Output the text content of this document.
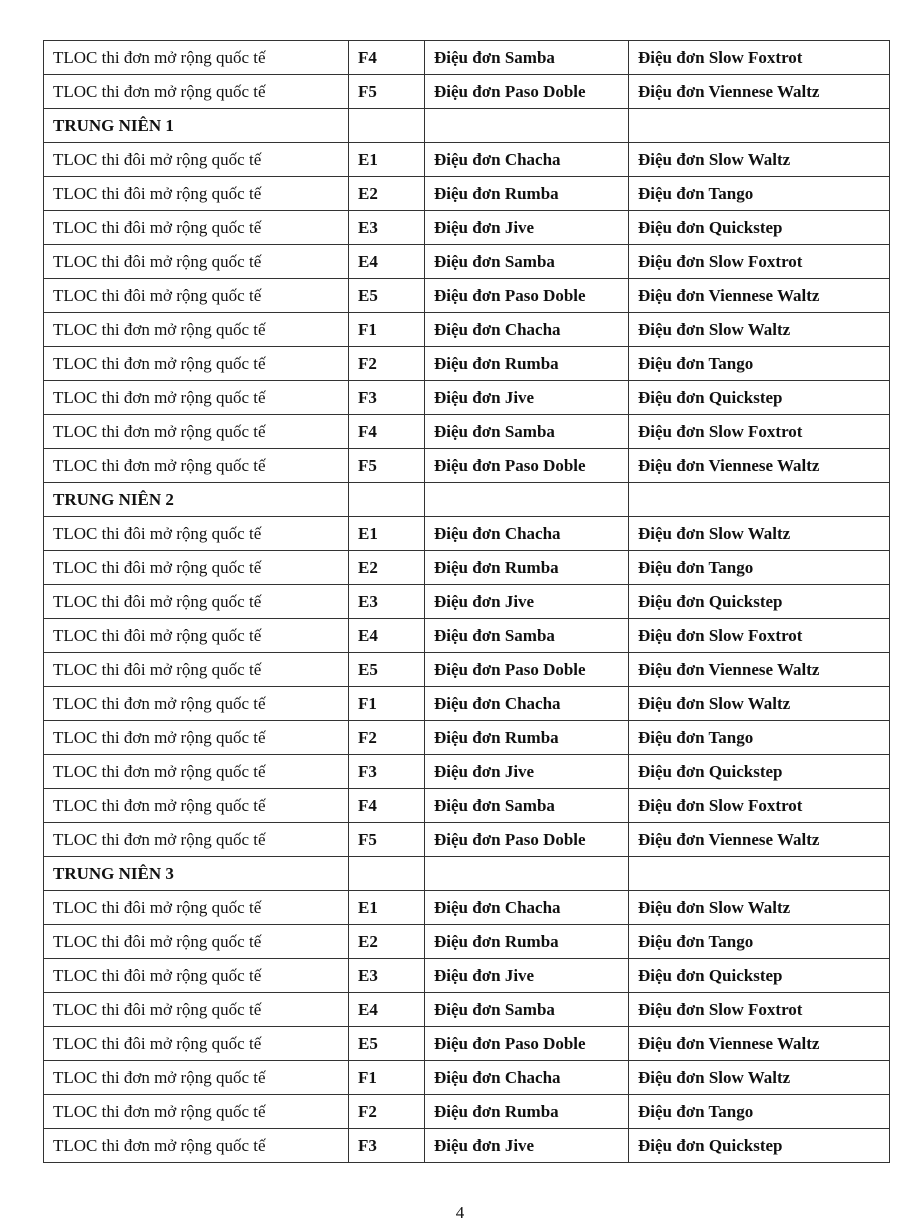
TLOC thi đơn mở rộng quốc tế	F4	Điệu đơn Samba	Điệu đơn Slow Foxtrot
TLOC thi đơn mở rộng quốc tế	F5	Điệu đơn Paso Doble	Điệu đơn Viennese Waltz
TRUNG NIÊN 1			
TLOC thi đôi mở rộng quốc tế	E1	Điệu đơn Chacha	Điệu đơn Slow Waltz
TLOC thi đôi mở rộng quốc tế	E2	Điệu đơn Rumba	Điệu đơn Tango
TLOC thi đôi mở rộng quốc tế	E3	Điệu đơn Jive	Điệu đơn Quickstep
TLOC thi đôi mở rộng quốc tế	E4	Điệu đơn Samba	Điệu đơn Slow Foxtrot
TLOC thi đôi mở rộng quốc tế	E5	Điệu đơn Paso Doble	Điệu đơn Viennese Waltz
TLOC thi đơn mở rộng quốc tế	F1	Điệu đơn Chacha	Điệu đơn Slow Waltz
TLOC thi đơn mở rộng quốc tế	F2	Điệu đơn Rumba	Điệu đơn Tango
TLOC thi đơn mở rộng quốc tế	F3	Điệu đơn Jive	Điệu đơn Quickstep
TLOC thi đơn mở rộng quốc tế	F4	Điệu đơn Samba	Điệu đơn Slow Foxtrot
TLOC thi đơn mở rộng quốc tế	F5	Điệu đơn Paso Doble	Điệu đơn Viennese Waltz
TRUNG NIÊN 2			
TLOC thi đôi mở rộng quốc tế	E1	Điệu đơn Chacha	Điệu đơn Slow Waltz
TLOC thi đôi mở rộng quốc tế	E2	Điệu đơn Rumba	Điệu đơn Tango
TLOC thi đôi mở rộng quốc tế	E3	Điệu đơn Jive	Điệu đơn Quickstep
TLOC thi đôi mở rộng quốc tế	E4	Điệu đơn Samba	Điệu đơn Slow Foxtrot
TLOC thi đôi mở rộng quốc tế	E5	Điệu đơn Paso Doble	Điệu đơn Viennese Waltz
TLOC thi đơn mở rộng quốc tế	F1	Điệu đơn Chacha	Điệu đơn Slow Waltz
TLOC thi đơn mở rộng quốc tế	F2	Điệu đơn Rumba	Điệu đơn Tango
TLOC thi đơn mở rộng quốc tế	F3	Điệu đơn Jive	Điệu đơn Quickstep
TLOC thi đơn mở rộng quốc tế	F4	Điệu đơn Samba	Điệu đơn Slow Foxtrot
TLOC thi đơn mở rộng quốc tế	F5	Điệu đơn Paso Doble	Điệu đơn Viennese Waltz
TRUNG NIÊN 3			
TLOC thi đôi mở rộng quốc tế	E1	Điệu đơn Chacha	Điệu đơn Slow Waltz
TLOC thi đôi mở rộng quốc tế	E2	Điệu đơn Rumba	Điệu đơn Tango
TLOC thi đôi mở rộng quốc tế	E3	Điệu đơn Jive	Điệu đơn Quickstep
TLOC thi đôi mở rộng quốc tế	E4	Điệu đơn Samba	Điệu đơn Slow Foxtrot
TLOC thi đôi mở rộng quốc tế	E5	Điệu đơn Paso Doble	Điệu đơn Viennese Waltz
TLOC thi đơn mở rộng quốc tế	F1	Điệu đơn Chacha	Điệu đơn Slow Waltz
TLOC thi đơn mở rộng quốc tế	F2	Điệu đơn Rumba	Điệu đơn Tango
TLOC thi đơn mở rộng quốc tế	F3	Điệu đơn Jive	Điệu đơn Quickstep
4
